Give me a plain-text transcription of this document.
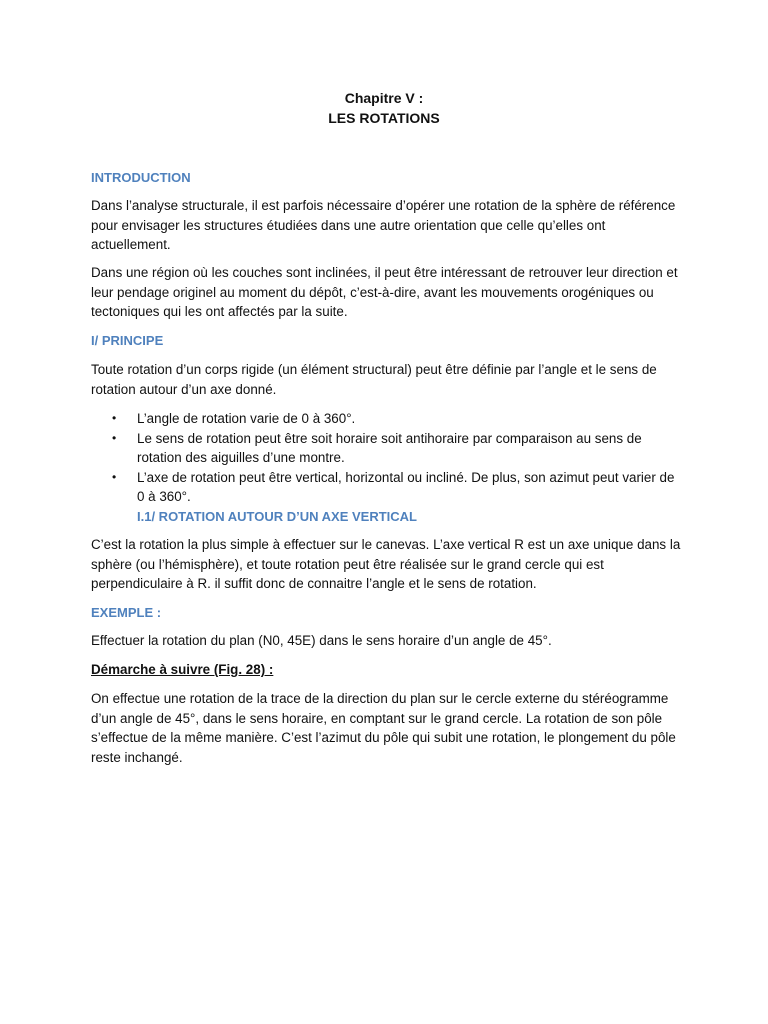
Chapitre V :
LES ROTATIONS
INTRODUCTION

Dans l’analyse structurale, il est parfois nécessaire d’opérer une rotation de la sphère de référence pour envisager les structures étudiées dans une autre orientation que celle qu’elles ont actuellement.

Dans une région où les couches sont inclinées, il peut être intéressant de retrouver leur direction et leur pendage originel au moment du dépôt, c’est-à-dire, avant les mouvements orogéniques ou tectoniques qui les ont affectés par la suite.

I/ PRINCIPE

Toute rotation d’un corps rigide (un élément structural) peut être définie par l’angle et le sens de rotation autour d’un axe donné.

•	L’angle de rotation varie de 0 à 360°.
•	Le sens de rotation peut être soit horaire soit antihoraire par comparaison au sens de rotation des aiguilles d’une montre.
•	L’axe de rotation peut être vertical, horizontal ou incliné. De plus, son azimut peut varier de 0 à 360°.
I.1/ ROTATION AUTOUR D’UN AXE VERTICAL

C’est la rotation la plus simple à effectuer sur le canevas. L’axe vertical R est un axe unique dans la sphère (ou l’hémisphère), et toute rotation peut être réalisée sur le grand cercle qui est perpendiculaire à R. il suffit donc de connaitre l’angle et le sens de rotation.

EXEMPLE :

Effectuer la rotation du plan (N0, 45E) dans le sens horaire d’un angle de 45°.

Démarche à suivre (Fig. 28) :

On effectue une rotation de la trace de la direction du plan sur le cercle externe du stéréogramme d’un angle de 45°, dans le sens horaire, en comptant sur le grand cercle. La rotation de son pôle s’effectue de la même manière. C’est l’azimut du pôle qui subit une rotation, le plongement du pôle reste inchangé.
